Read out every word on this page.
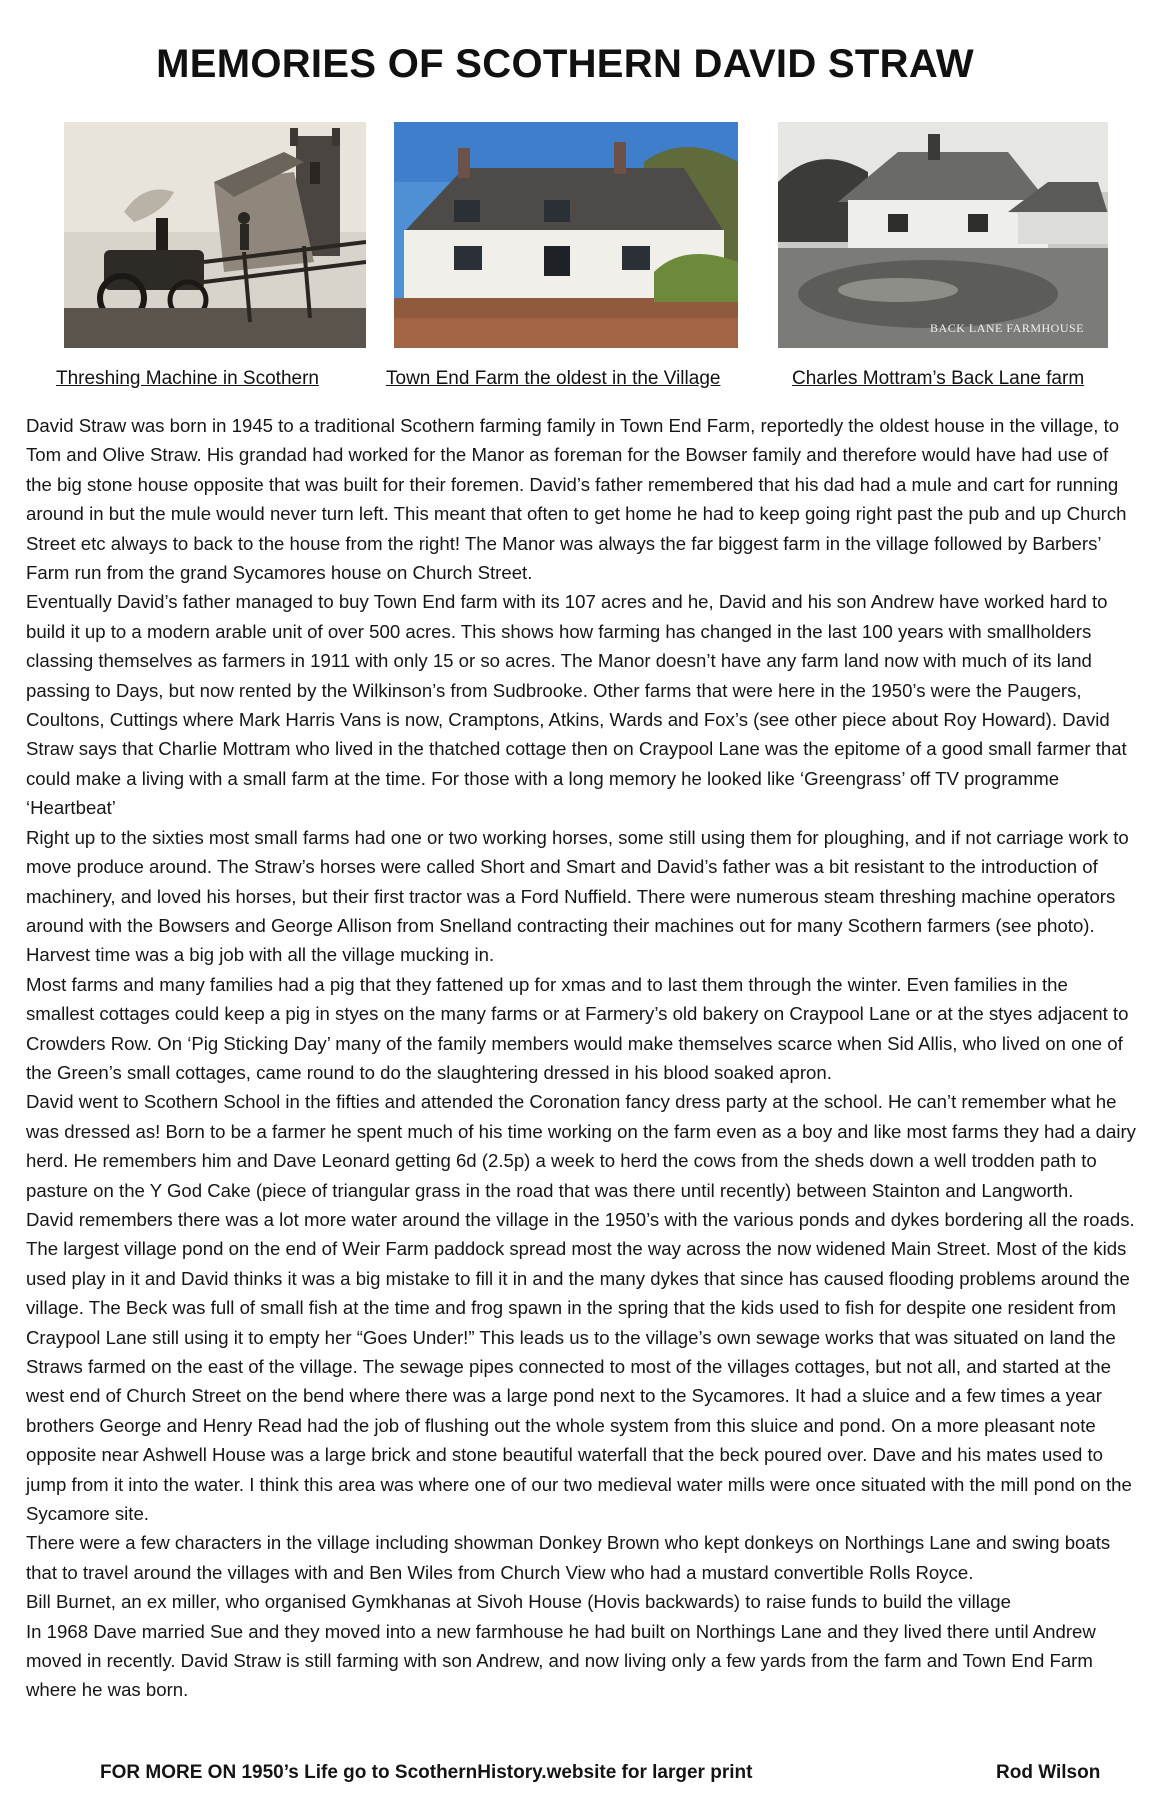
MEMORIES OF SCOTHERN DAVID STRAW
BACK LANE FARMHOUSE
Threshing Machine in Scothern	Town End Farm the oldest in the Village	Charles Mottram’s Back Lane farm

David Straw was born in 1945 to a traditional Scothern farming family in Town End Farm, reportedly the oldest house in the village, to Tom and Olive Straw. His grandad had worked for the Manor as foreman for the Bowser family and therefore would have had use of the big stone house opposite that was built for their foremen. David’s father remembered that his dad had a mule and cart for running around in but the mule would never turn left. This meant that often to get home he had to keep going right past the pub and up Church Street etc always to back to the house from the right! The Manor was always the far biggest farm in the village followed by Barbers’ Farm run from the grand Sycamores house on Church Street.

Eventually David’s father managed to buy Town End farm with its 107 acres and he, David and his son Andrew have worked hard to build it up to a modern arable unit of over 500 acres. This shows how farming has changed in the last 100 years with smallholders classing themselves as farmers in 1911 with only 15 or so acres. The Manor doesn’t have any farm land now with much of its land passing to Days, but now rented by the Wilkinson’s from Sudbrooke. Other farms that were here in the 1950’s were the Paugers, Coultons, Cuttings where Mark Harris Vans is now, Cramptons, Atkins, Wards and Fox’s (see other piece about Roy Howard). David Straw says that Charlie Mottram who lived in the thatched cottage then on Craypool Lane was the epitome of a good small farmer that could make a living with a small farm at the time. For those with a long memory he looked like ‘Greengrass’ off TV programme ‘Heartbeat’

Right up to the sixties most small farms had one or two working horses, some still using them for ploughing, and if not carriage work to move produce around. The Straw’s horses were called Short and Smart and David’s father was a bit resistant to the introduction of machinery, and loved his horses, but their first tractor was a Ford Nuffield. There were numerous steam threshing machine operators around with the Bowsers and George Allison from Snelland contracting their machines out for many Scothern farmers (see photo). Harvest time was a big job with all the village mucking in.

Most farms and many families had a pig that they fattened up for xmas and to last them through the winter. Even families in the smallest cottages could keep a pig in styes on the many farms or at Farmery’s old bakery on Craypool Lane or at the styes adjacent to Crowders Row. On ‘Pig Sticking Day’ many of the family members would make themselves scarce when Sid Allis, who lived on one of the Green’s small cottages, came round to do the slaughtering dressed in his blood soaked apron.

David went to Scothern School in the fifties and attended the Coronation fancy dress party at the school. He can’t remember what he was dressed as! Born to be a farmer he spent much of his time working on the farm even as a boy and like most farms they had a dairy herd. He remembers him and Dave Leonard getting 6d (2.5p) a week to herd the cows from the sheds down a well trodden path to pasture on the Y God Cake (piece of triangular grass in the road that was there until recently) between Stainton and Langworth.

David remembers there was a lot more water around the village in the 1950’s with the various ponds and dykes bordering all the roads. The largest village pond on the end of Weir Farm paddock spread most the way across the now widened Main Street. Most of the kids used play in it and David thinks it was a big mistake to fill it in and the many dykes that since has caused flooding problems around the village. The Beck was full of small fish at the time and frog spawn in the spring that the kids used to fish for despite one resident from Craypool Lane still using it to empty her “Goes Under!” This leads us to the village’s own sewage works that was situated on land the Straws farmed on the east of the village. The sewage pipes connected to most of the villages cottages, but not all, and started at the west end of Church Street on the bend where there was a large pond next to the Sycamores. It had a sluice and a few times a year brothers George and Henry Read had the job of flushing out the whole system from this sluice and pond. On a more pleasant note opposite near Ashwell House was a large brick and stone beautiful waterfall that the beck poured over. Dave and his mates used to jump from it into the water. I think this area was where one of our two medieval water mills were once situated with the mill pond on the Sycamore site.

There were a few characters in the village including showman Donkey Brown who kept donkeys on Northings Lane and swing boats that to travel around the villages with and Ben Wiles from Church View who had a mustard convertible Rolls Royce.

Bill Burnet, an ex miller, who organised Gymkhanas at Sivoh House (Hovis backwards) to raise funds to build the village

In 1968 Dave married Sue and they moved into a new farmhouse he had built on Northings Lane and they lived there until Andrew moved in recently. David Straw is still farming with son Andrew, and now living only a few yards from the farm and Town End Farm where he was born.

FOR MORE ON 1950’s Life go to ScothernHistory.website for larger print	Rod Wilson
